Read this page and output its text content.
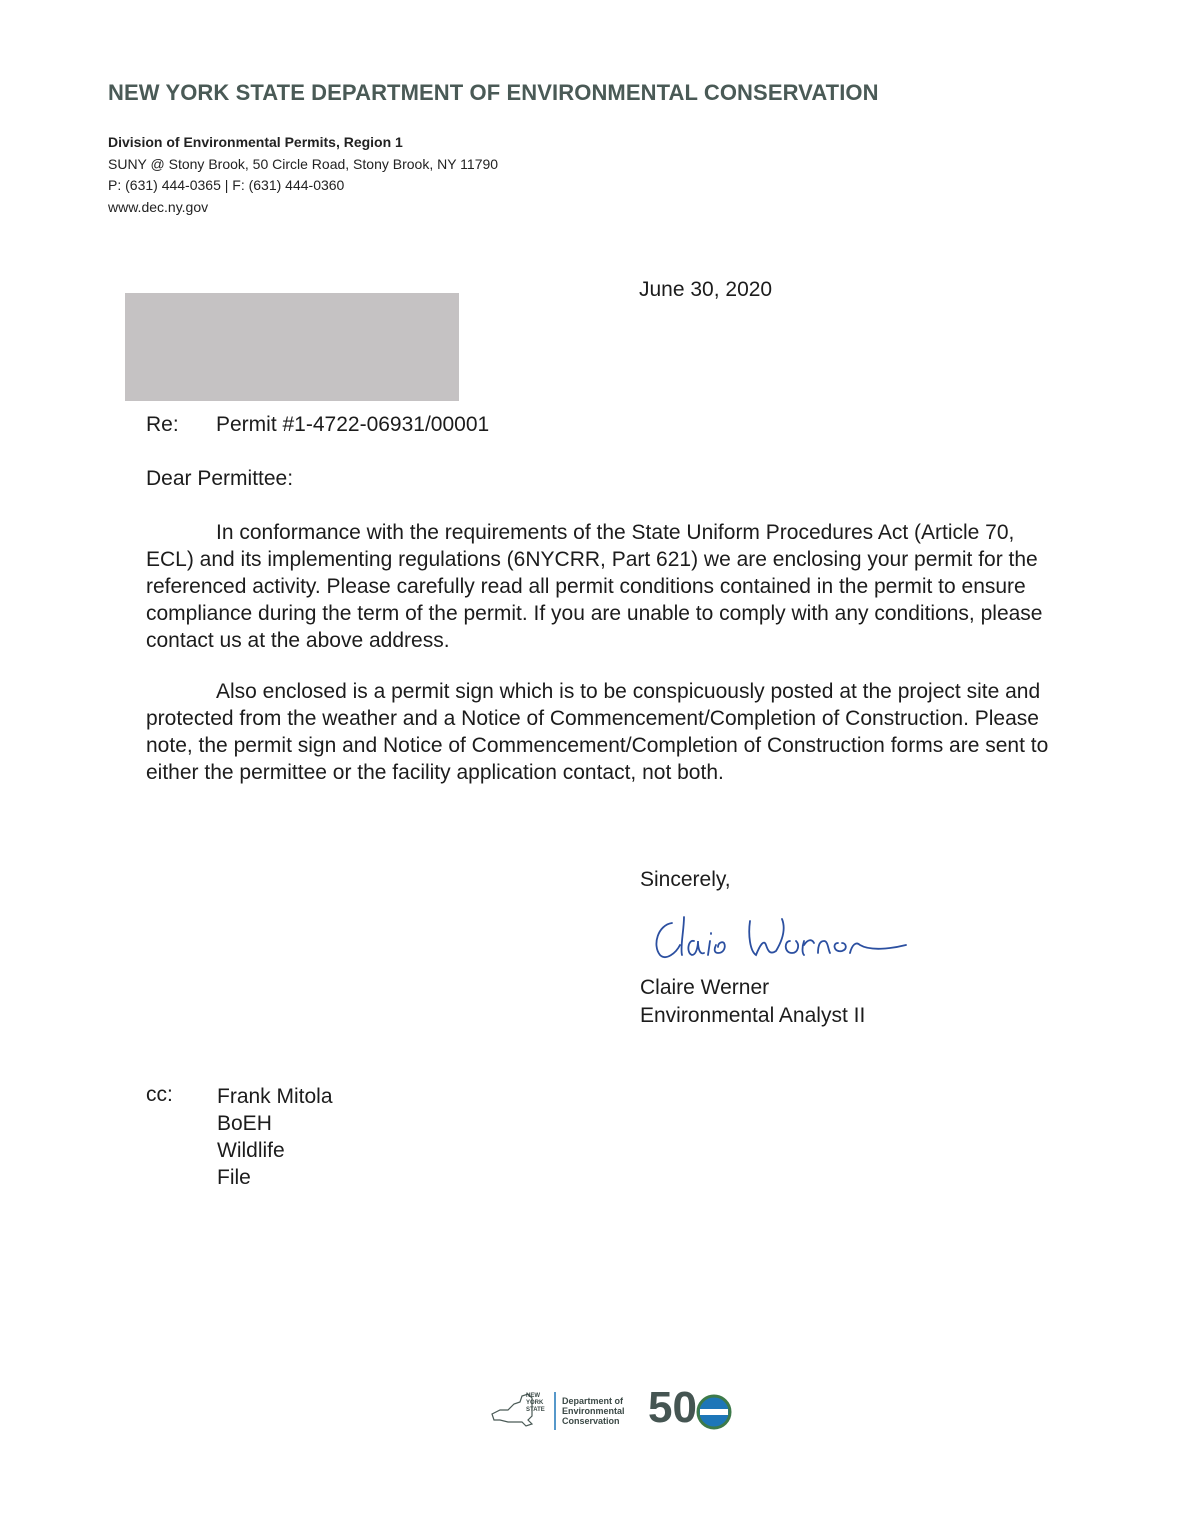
NEW YORK STATE DEPARTMENT OF ENVIRONMENTAL CONSERVATION
Division of Environmental Permits, Region 1
SUNY @ Stony Brook, 50 Circle Road, Stony Brook, NY 11790
P: (631) 444-0365 | F: (631) 444-0360
www.dec.ny.gov
June 30, 2020
Re: Permit #1-4722-06931/00001
Dear Permittee:

In conformance with the requirements of the State Uniform Procedures Act (Article 70, ECL) and its implementing regulations (6NYCRR, Part 621) we are enclosing your permit for the referenced activity. Please carefully read all permit conditions contained in the permit to ensure compliance during the term of the permit. If you are unable to comply with any conditions, please contact us at the above address.

Also enclosed is a permit sign which is to be conspicuously posted at the project site and protected from the weather and a Notice of Commencement/Completion of Construction. Please note, the permit sign and Notice of Commencement/Completion of Construction forms are sent to either the permittee or the facility application contact, not both.

Sincerely,
Claire Werner
Environmental Analyst II
cc: Frank Mitola
BoEH
Wildlife
File
NEW YORK STATE
Department of
Environmental
Conservation 50
